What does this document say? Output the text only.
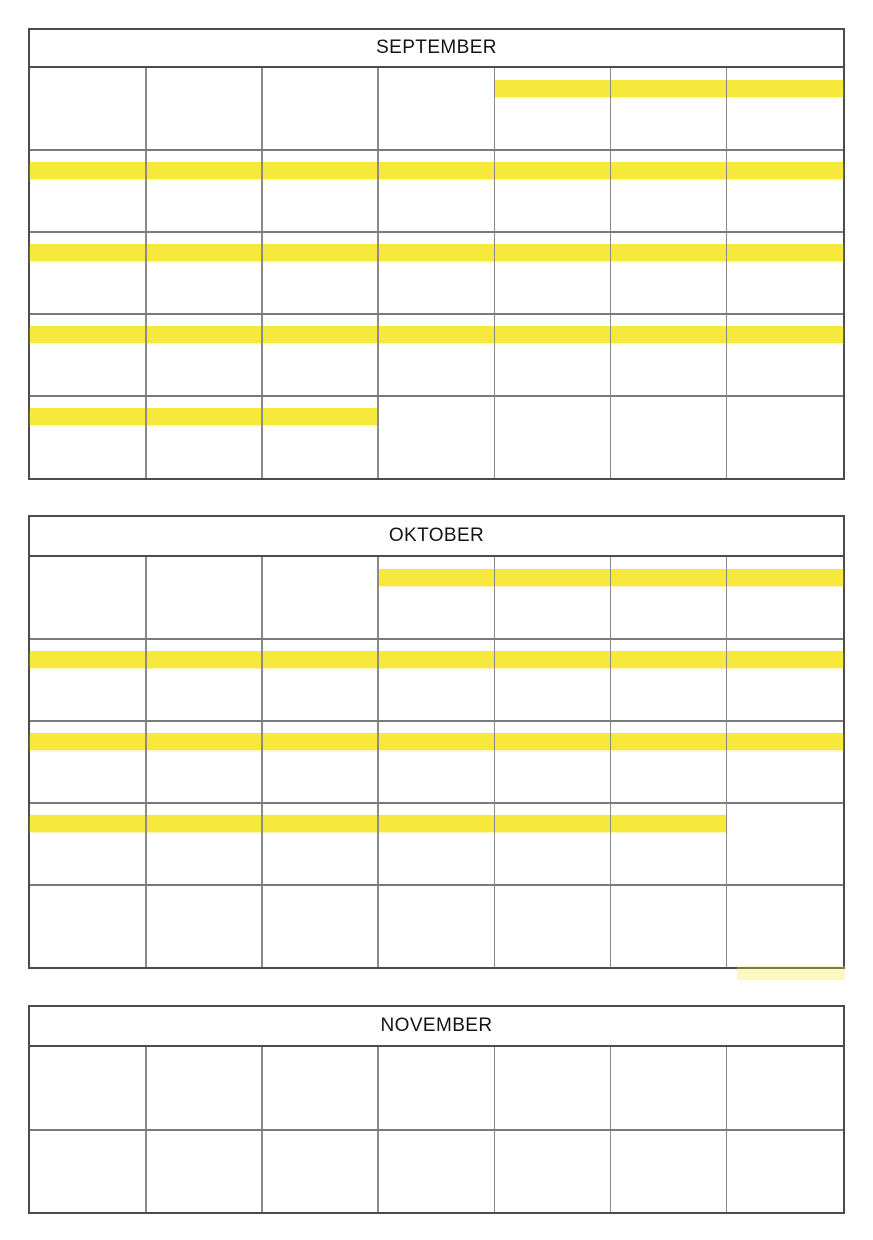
SEPTEMBER
OKTOBER
NOVEMBER
